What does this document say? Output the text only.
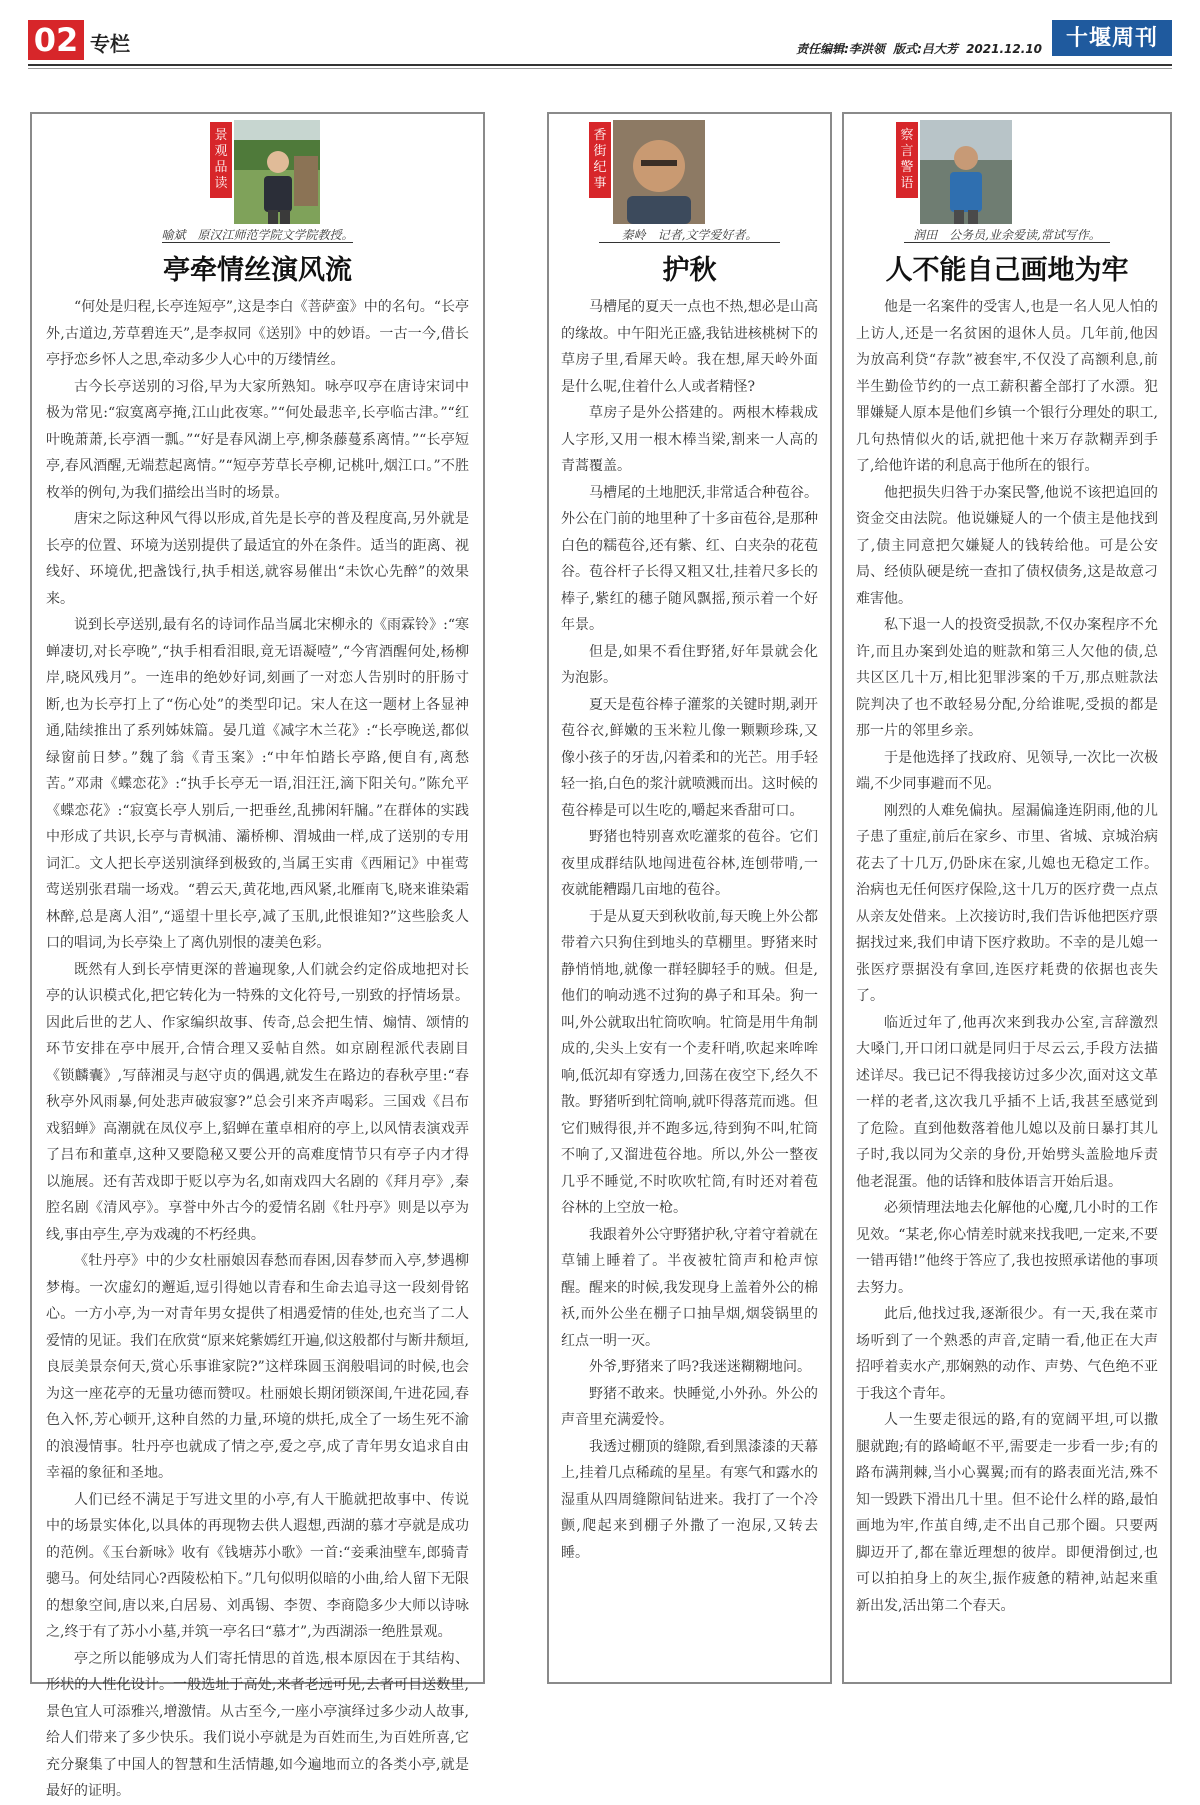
02 专栏	责任编辑:李洪领 版式:吕大芳 2021.12.10	十堰周刊
景观品读
喻斌　原汉江师范学院文学院教授。
亭牵情丝演风流

“何处是归程,长亭连短亭”,这是李白《菩萨蛮》中的名句。“长亭外,古道边,芳草碧连天”,是李叔同《送别》中的妙语。一古一今,借长亭抒恋乡怀人之思,牵动多少人心中的万缕情丝。

古今长亭送别的习俗,早为大家所熟知。咏亭叹亭在唐诗宋词中极为常见:“寂寞离亭掩,江山此夜寒。”“何处最悲辛,长亭临古津。”“红叶晚萧萧,长亭酒一瓢。”“好是春风湖上亭,柳条藤蔓系离情。”“长亭短亭,春风酒醒,无端惹起离情。”“短亭芳草长亭柳,记桃叶,烟江口。”不胜枚举的例句,为我们描绘出当时的场景。

唐宋之际这种风气得以形成,首先是长亭的普及程度高,另外就是长亭的位置、环境为送别提供了最适宜的外在条件。适当的距离、视线好、环境优,把盏饯行,执手相送,就容易催出“未饮心先醉”的效果来。

说到长亭送别,最有名的诗词作品当属北宋柳永的《雨霖铃》:“寒蝉凄切,对长亭晚”,“执手相看泪眼,竟无语凝噎”,“今宵酒醒何处,杨柳岸,晓风残月”。一连串的绝妙好词,刻画了一对恋人告别时的肝肠寸断,也为长亭打上了“伤心处”的类型印记。宋人在这一题材上各显神通,陆续推出了系列姊妹篇。晏几道《减字木兰花》:“长亭晚送,都似绿窗前日梦。”魏了翁《青玉案》:“中年怕踏长亭路,便自有,离愁苦。”邓肃《蝶恋花》:“执手长亭无一语,泪汪汪,滴下阳关句。”陈允平《蝶恋花》:“寂寞长亭人别后,一把垂丝,乱拂闲轩牖。”在群体的实践中形成了共识,长亭与青枫浦、灞桥柳、渭城曲一样,成了送别的专用词汇。文人把长亭送别演绎到极致的,当属王实甫《西厢记》中崔莺莺送别张君瑞一场戏。“碧云天,黄花地,西风紧,北雁南飞,晓来谁染霜林醉,总是离人泪”,“遥望十里长亭,减了玉肌,此恨谁知?”这些脍炙人口的唱词,为长亭染上了离仇别恨的凄美色彩。

既然有人到长亭情更深的普遍现象,人们就会约定俗成地把对长亭的认识模式化,把它转化为一特殊的文化符号,一别致的抒情场景。因此后世的艺人、作家编织故事、传奇,总会把生情、煽情、颂情的环节安排在亭中展开,合情合理又妥帖自然。如京剧程派代表剧目《锁麟囊》,写薛湘灵与赵守贞的偶遇,就发生在路边的春秋亭里:“春秋亭外风雨暴,何处悲声破寂寥?”总会引来齐声喝彩。三国戏《吕布戏貂蝉》高潮就在凤仪亭上,貂蝉在董卓相府的亭上,以风情表演戏弄了吕布和董卓,这种又要隐秘又要公开的高难度情节只有亭子内才得以施展。还有苦戏即于贬以亭为名,如南戏四大名剧的《拜月亭》,秦腔名剧《清风亭》。享誉中外古今的爱情名剧《牡丹亭》则是以亭为线,事由亭生,亭为戏魂的不朽经典。

《牡丹亭》中的少女杜丽娘因春愁而春困,因春梦而入亭,梦遇柳梦梅。一次虚幻的邂逅,逗引得她以青春和生命去追寻这一段刻骨铭心。一方小亭,为一对青年男女提供了相遇爱情的佳处,也充当了二人爱情的见证。我们在欣赏“原来姹紫嫣红开遍,似这般都付与断井颓垣,良辰美景奈何天,赏心乐事谁家院?”这样珠圆玉润般唱词的时候,也会为这一座花亭的无量功德而赞叹。杜丽娘长期闭锁深闺,午进花园,春色入怀,芳心顿开,这种自然的力量,环境的烘托,成全了一场生死不渝的浪漫情事。牡丹亭也就成了情之亭,爱之亭,成了青年男女追求自由幸福的象征和圣地。

人们已经不满足于写进文里的小亭,有人干脆就把故事中、传说中的场景实体化,以具体的再现物去供人遐想,西湖的慕才亭就是成功的范例。《玉台新咏》收有《钱塘苏小歌》一首:“妾乘油壁车,郎骑青骢马。何处结同心?西陵松柏下。”几句似明似暗的小曲,给人留下无限的想象空间,唐以来,白居易、刘禹锡、李贺、李商隐多少大师以诗咏之,终于有了苏小小墓,并筑一亭名曰“慕才”,为西湖添一绝胜景观。

亭之所以能够成为人们寄托情思的首选,根本原因在于其结构、形状的人性化设计。一般选址于高处,来者老远可见,去者可目送数里,景色宜人可添雅兴,增激情。从古至今,一座小亭演绎过多少动人故事,给人们带来了多少快乐。我们说小亭就是为百姓而生,为百姓所喜,它充分聚集了中国人的智慧和生活情趣,如今遍地而立的各类小亭,就是最好的证明。

香街纪事
秦岭　记者,文学爱好者。
护秋

马槽尾的夏天一点也不热,想必是山高的缘故。中午阳光正盛,我钻进核桃树下的草房子里,看犀天岭。我在想,犀天岭外面是什么呢,住着什么人或者精怪?

草房子是外公搭建的。两根木棒栽成人字形,又用一根木棒当梁,割来一人高的青蒿覆盖。

马槽尾的土地肥沃,非常适合种苞谷。外公在门前的地里种了十多亩苞谷,是那种白色的糯苞谷,还有紫、红、白夹杂的花苞谷。苞谷杆子长得又粗又壮,挂着尺多长的棒子,紫红的穗子随风飘摇,预示着一个好年景。

但是,如果不看住野猪,好年景就会化为泡影。

夏天是苞谷棒子灌浆的关键时期,剥开苞谷衣,鲜嫩的玉米粒儿像一颗颗珍珠,又像小孩子的牙齿,闪着柔和的光芒。用手轻轻一掐,白色的浆汁就喷溅而出。这时候的苞谷棒是可以生吃的,嚼起来香甜可口。

野猪也特别喜欢吃灌浆的苞谷。它们夜里成群结队地闯进苞谷林,连刨带啃,一夜就能糟蹋几亩地的苞谷。

于是从夏天到秋收前,每天晚上外公都带着六只狗住到地头的草棚里。野猪来时静悄悄地,就像一群轻脚轻手的贼。但是,他们的响动逃不过狗的鼻子和耳朵。狗一叫,外公就取出牤筒吹响。牤筒是用牛角制成的,尖头上安有一个麦秆哨,吹起来哞哞响,低沉却有穿透力,回荡在夜空下,经久不散。野猪听到牤筒响,就吓得落荒而逃。但它们贼得很,并不跑多远,待到狗不叫,牤筒不响了,又溜进苞谷地。所以,外公一整夜几乎不睡觉,不时吹吹牤筒,有时还对着苞谷林的上空放一枪。

我跟着外公守野猪护秋,守着守着就在草铺上睡着了。半夜被牤筒声和枪声惊醒。醒来的时候,我发现身上盖着外公的棉袄,而外公坐在棚子口抽旱烟,烟袋锅里的红点一明一灭。

外爷,野猪来了吗?我迷迷糊糊地问。

野猪不敢来。快睡觉,小外孙。外公的声音里充满爱怜。

我透过棚顶的缝隙,看到黑漆漆的天幕上,挂着几点稀疏的星星。有寒气和露水的湿重从四周缝隙间钻进来。我打了一个冷颤,爬起来到棚子外撒了一泡尿,又转去睡。

察言警语
润田　公务员,业余爱读,常试写作。
人不能自己画地为牢

他是一名案件的受害人,也是一名人见人怕的上访人,还是一名贫困的退休人员。几年前,他因为放高利贷“存款”被套牢,不仅没了高额利息,前半生勤俭节约的一点工薪积蓄全部打了水漂。犯罪嫌疑人原本是他们乡镇一个银行分理处的职工,几句热情似火的话,就把他十来万存款糊弄到手了,给他许诺的利息高于他所在的银行。

他把损失归咎于办案民警,他说不该把追回的资金交由法院。他说嫌疑人的一个债主是他找到了,债主同意把欠嫌疑人的钱转给他。可是公安局、经侦队硬是统一查扣了债权债务,这是故意刁难害他。

私下退一人的投资受损款,不仅办案程序不允许,而且办案到处追的赃款和第三人欠他的债,总共区区几十万,相比犯罪涉案的千万,那点赃款法院判决了也不敢轻易分配,分给谁呢,受损的都是那一片的邻里乡亲。

于是他选择了找政府、见领导,一次比一次极端,不少同事避而不见。

刚烈的人难免偏执。屋漏偏逢连阴雨,他的儿子患了重症,前后在家乡、市里、省城、京城治病花去了十几万,仍卧床在家,儿媳也无稳定工作。治病也无任何医疗保险,这十几万的医疗费一点点从亲友处借来。上次接访时,我们告诉他把医疗票据找过来,我们申请下医疗救助。不幸的是儿媳一张医疗票据没有拿回,连医疗耗费的依据也丧失了。

临近过年了,他再次来到我办公室,言辞激烈大嗓门,开口闭口就是同归于尽云云,手段方法描述详尽。我已记不得我接访过多少次,面对这文革一样的老者,这次我几乎插不上话,我甚至感觉到了危险。直到他数落着他儿媳以及前日暴打其儿子时,我以同为父亲的身份,开始劈头盖脸地斥责他老混蛋。他的话锋和肢体语言开始后退。

必须情理法地去化解他的心魔,几小时的工作见效。“某老,你心情差时就来找我吧,一定来,不要一错再错!”他终于答应了,我也按照承诺他的事项去努力。

此后,他找过我,逐渐很少。有一天,我在菜市场听到了一个熟悉的声音,定睛一看,他正在大声招呼着卖水产,那娴熟的动作、声势、气色绝不亚于我这个青年。

人一生要走很远的路,有的宽阔平坦,可以撒腿就跑;有的路崎岖不平,需要走一步看一步;有的路布满荆棘,当小心翼翼;而有的路表面光洁,殊不知一毁跌下滑出几十里。但不论什么样的路,最怕画地为牢,作茧自缚,走不出自己那个圈。只要两脚迈开了,都在靠近理想的彼岸。即便滑倒过,也可以拍拍身上的灰尘,振作疲惫的精神,站起来重新出发,活出第二个春天。
